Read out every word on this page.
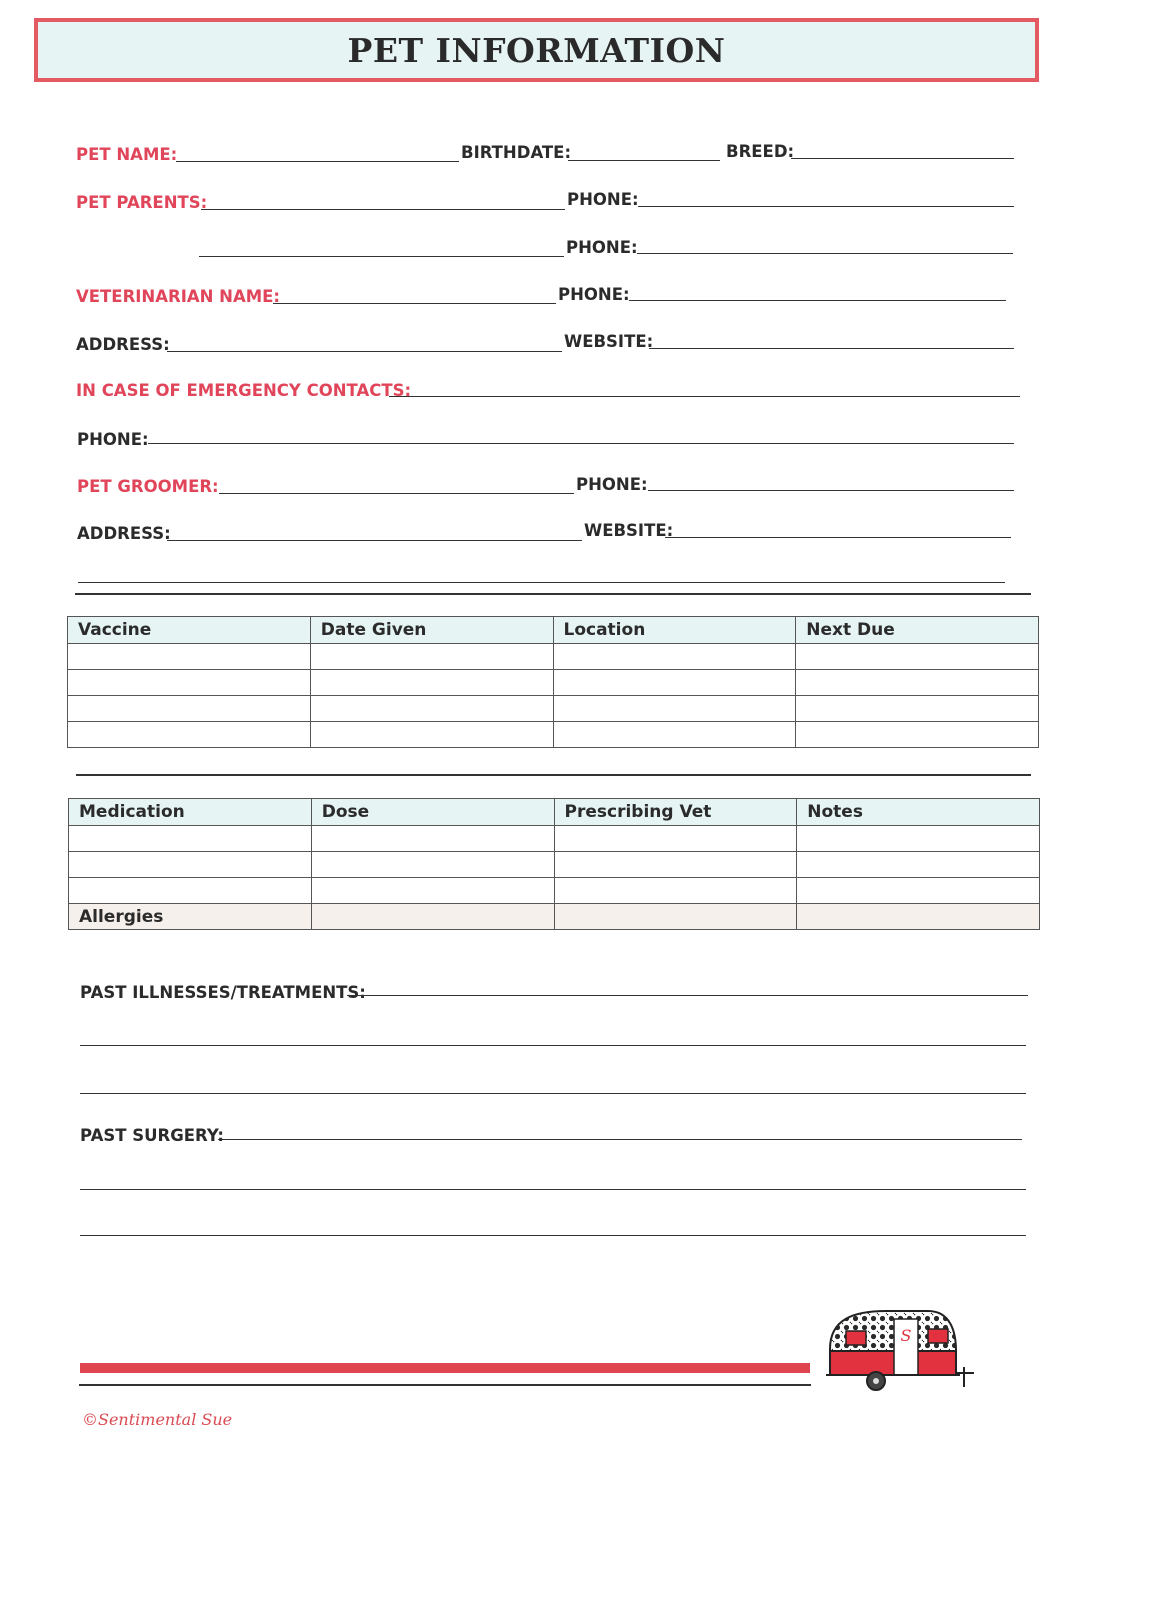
PET INFORMATION
PET NAME:	BIRTHDATE:	BREED:
PET PARENTS:	PHONE:
PHONE:
VETERINARIAN NAME:	PHONE:
ADDRESS:	WEBSITE:
IN CASE OF EMERGENCY CONTACTS:
PHONE:
PET GROOMER:	PHONE:
ADDRESS:	WEBSITE:
Vaccine	Date Given	Location	Next Due

Medication	Dose	Prescribing Vet	Notes

Allergies			
PAST ILLNESSES/TREATMENTS:
PAST SURGERY:
S
©Sentimental Sue
